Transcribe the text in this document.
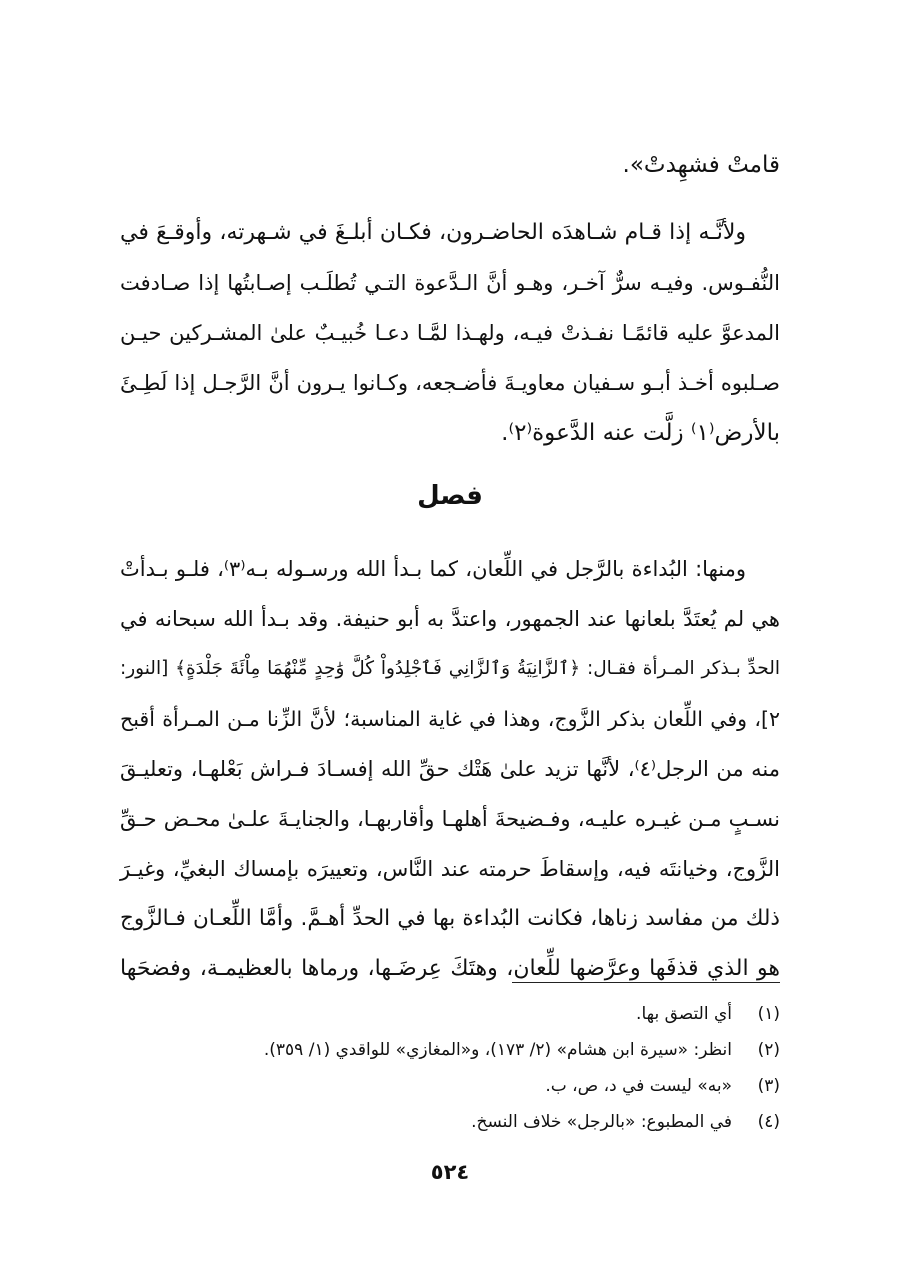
قامتْ فشهِدتْ».
ولأنَّـه إذا قـام شـاهدَه الحاضـرون، فكـان أبلـغَ في شـهرته، وأوقـعَ في
النُّفـوس. وفيـه سرٌّ آخـر، وهـو أنَّ الـدَّعوة التـي تُطلَـب إصـابتُها إذا صـادفت
المدعوَّ عليه قائمًـا نفـذتْ فيـه، ولهـذا لمَّـا دعـا خُبيـبٌ علىٰ المشـركين حيـن
صـلبوه أخـذ أبـو سـفيان معاويـةَ فأضـجعه، وكـانوا يـرون أنَّ الرَّجـل إذا لَطِـئَ
بالأرض⁽١⁾ زلَّت عنه الدَّعوة⁽٢⁾.
فصل
ومنها: البُداءة بالرَّجل في اللِّعان، كما بـدأ الله ورسـوله بـه⁽٣⁾، فلـو بـدأتْ
هي لم يُعتَدَّ بلعانها عند الجمهور، واعتدَّ به أبو حنيفة. وقد بـدأ الله سبحانه في
الحدِّ بـذكر المـرأة فقـال: ﴿ٱلزَّانِيَةُ وَٱلزَّانِي فَٱجْلِدُواْ كُلَّ وَٰحِدٍ مِّنْهُمَا مِاْئَةَ جَلْدَةٍ﴾ [النور:
٢]، وفي اللِّعان بذكر الزَّوج، وهذا في غاية المناسبة؛ لأنَّ الزِّنا مـن المـرأة أقبح
منه من الرجل⁽٤⁾، لأنَّها تزيد علىٰ هَتْك حقِّ الله إفسـادَ فـراش بَعْلهـا، وتعليـقَ
نسـبٍ مـن غيـره عليـه، وفـضيحةَ أهلهـا وأقاربهـا، والجنايـةَ علـىٰ محـض حـقِّ
الزَّوج، وخيانتَه فيه، وإسقاطَ حرمته عند النَّاس، وتعييرَه بإمساك البغيِّ، وغيـرَ
ذلك من مفاسد زناها، فكانت البُداءة بها في الحدِّ أهـمَّ. وأمَّا اللِّعـان فـالزَّوج
هو الذي قذفَها وعرَّضها للِّعان، وهتَكَ عِرضَـها، ورماها بالعظيمـة، وفضحَها
(١)أي التصق بها.
(٢)انظر: «سيرة ابن هشام» (٢/ ١٧٣)، و«المغازي» للواقدي (١/ ٣٥٩).
(٣)«به» ليست في د، ص، ب.
(٤)في المطبوع: «بالرجل» خلاف النسخ.
٥٢٤
